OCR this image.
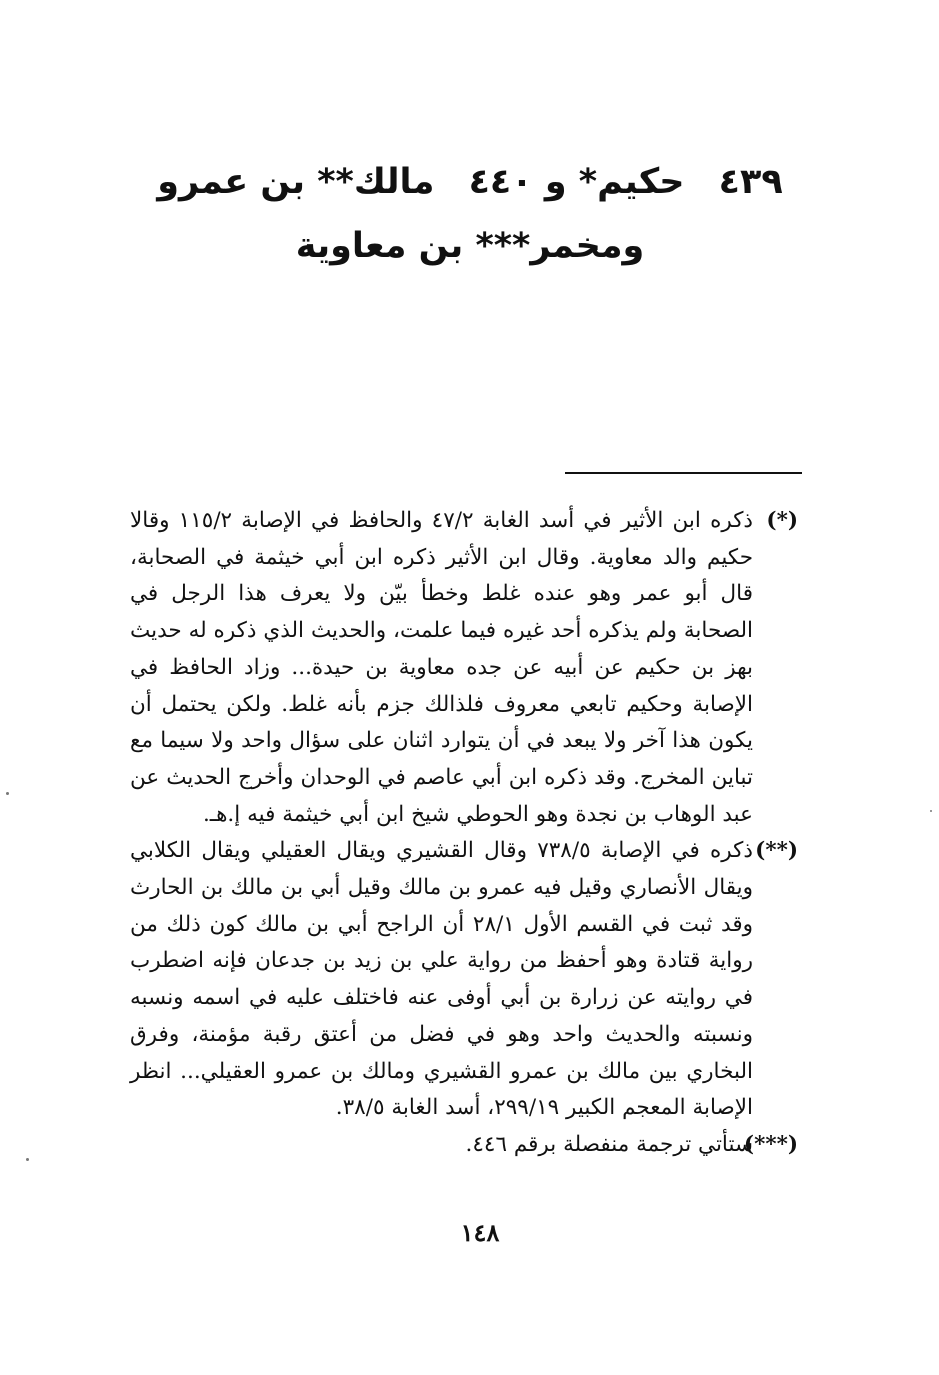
٤٣٩ حكيم* و ٤٤٠ مالك** بن عمرو
ومخمر*** بن معاوية

(*)
ذكره ابن الأثير في أسد الغابة ٤٧/٢ والحافظ في الإصابة ١١٥/٢ وقالا حكيم والد معاوية. وقال ابن الأثير ذكره ابن أبي خيثمة في الصحابة، قال أبو عمر وهو عنده غلط وخطأ بيّن ولا يعرف هذا الرجل في الصحابة ولم يذكره أحد غيره فيما علمت، والحديث الذي ذكره له حديث بهز بن حكيم عن أبيه عن جده معاوية بن حيدة... وزاد الحافظ في الإصابة وحكيم تابعي معروف فلذالك جزم بأنه غلط. ولكن يحتمل أن يكون هذا آخر ولا يبعد في أن يتوارد اثنان على سؤال واحد ولا سيما مع تباين المخرج. وقد ذكره ابن أبي عاصم في الوحدان وأخرج الحديث عن عبد الوهاب بن نجدة وهو الحوطي شيخ ابن أبي خيثمة فيه إ.هـ.

(**)
ذكره في الإصابة ٧٣٨/٥ وقال القشيري ويقال العقيلي ويقال الكلابي ويقال الأنصاري وقيل فيه عمرو بن مالك وقيل أبي بن مالك بن الحارث وقد ثبت في القسم الأول ٢٨/١ أن الراجح أبي بن مالك كون ذلك من رواية قتادة وهو أحفظ من رواية علي بن زيد بن جدعان فإنه اضطرب في روايته عن زرارة بن أبي أوفى عنه فاختلف عليه في اسمه ونسبه ونسبته والحديث واحد وهو في فضل من أعتق رقبة مؤمنة، وفرق البخاري بين مالك بن عمرو القشيري ومالك بن عمرو العقيلي... انظر الإصابة المعجم الكبير ٢٩٩/١٩، أسد الغابة ٣٨/٥.

(***)
ستأتي ترجمة منفصلة برقم ٤٤٦.

١٤٨
